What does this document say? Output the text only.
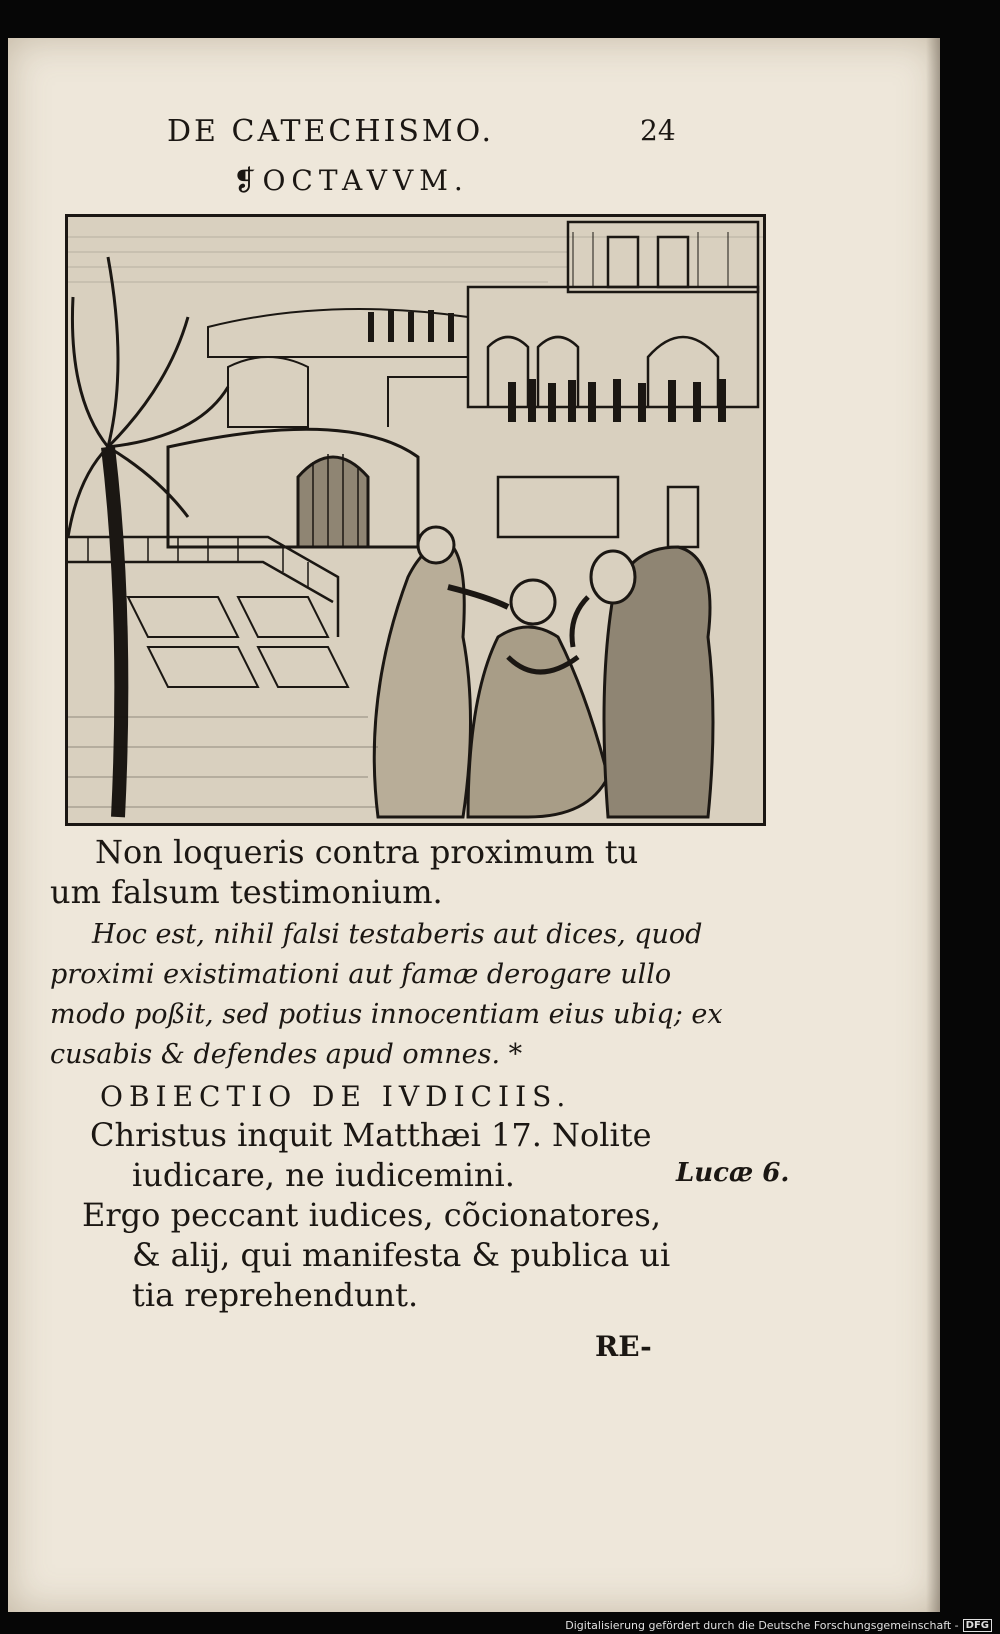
DE CATECHISMO.	24
❡OCTAVVM.
Non loqueris contra proximum tu
um falsum testimonium.
Hoc est, nihil falsi testaberis aut dices, quod
proximi existimationi aut famæ derogare ullo
modo poßit, sed potius innocentiam eius ubiq; ex
cusabis & defendes apud omnes. *
OBIECTIO DE IVDICIIS.
Christus inquit Matthæi 17. Nolite
iudicare, ne iudicemini.
Ergo peccant iudices, cõcionatores,
& alij, qui manifesta & publica ui
tia reprehendunt.
Lucæ 6.
RE-
Digitalisierung gefördert durch die Deutsche Forschungsgemeinschaft - DFG
